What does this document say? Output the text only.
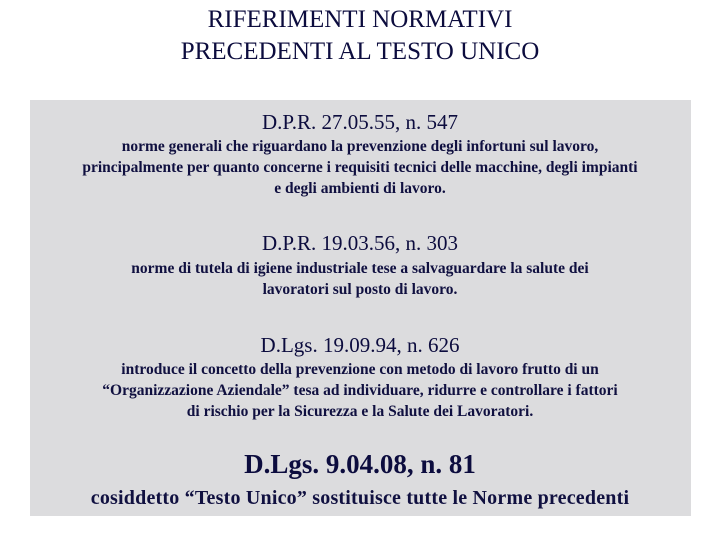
RIFERIMENTI NORMATIVI
PRECEDENTI AL TESTO UNICO
D.P.R. 27.05.55, n. 547
norme generali che riguardano la prevenzione degli infortuni sul lavoro,
principalmente per quanto concerne i requisiti tecnici delle macchine, degli impianti
e degli ambienti di lavoro.
D.P.R. 19.03.56, n. 303
norme di tutela di igiene industriale tese a salvaguardare la salute dei
lavoratori sul posto di lavoro.
D.Lgs. 19.09.94, n. 626
introduce il concetto della prevenzione con metodo di lavoro frutto di un
“Organizzazione Aziendale” tesa ad individuare, ridurre e controllare i fattori
di rischio per la Sicurezza e la Salute dei Lavoratori.
D.Lgs. 9.04.08, n. 81
cosiddetto “Testo Unico” sostituisce tutte le Norme precedenti
